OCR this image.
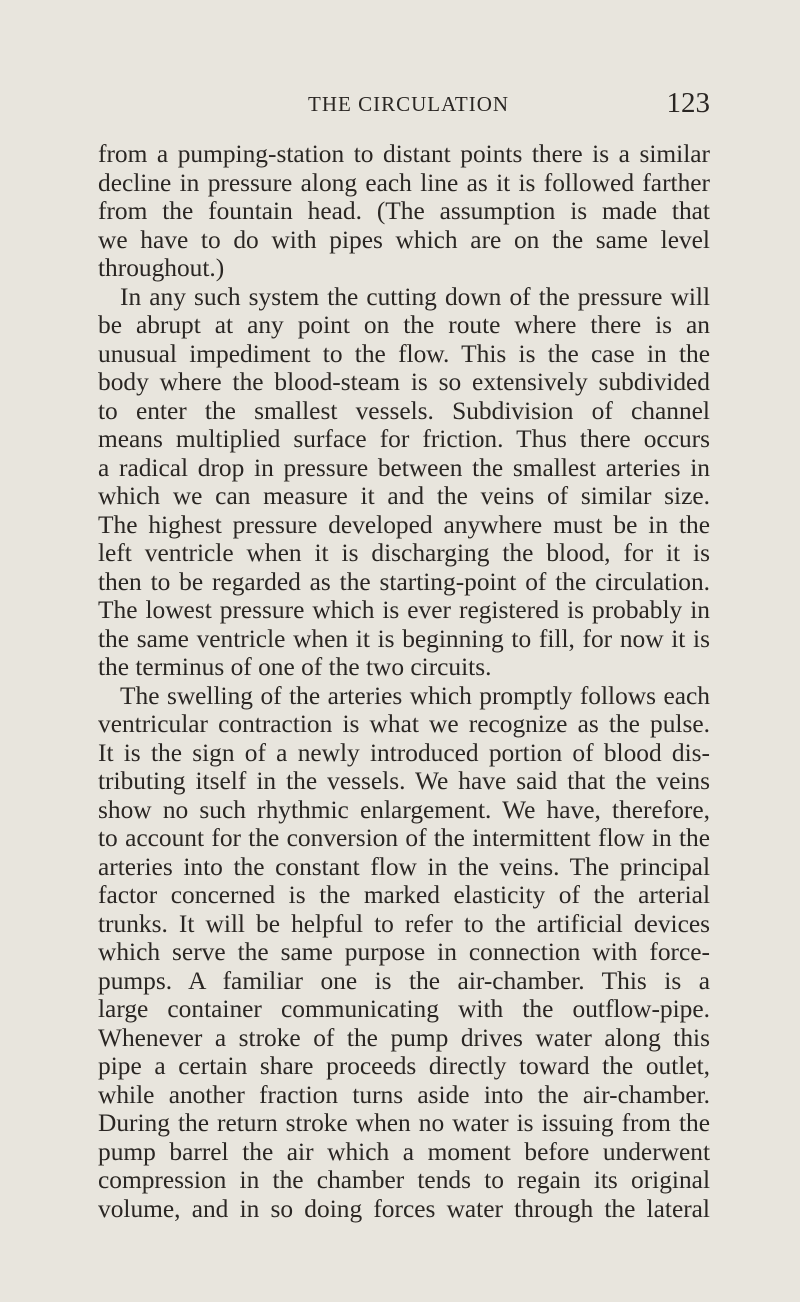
THE CIRCULATION	123
from a pumping-station to distant points there is a similar
decline in pressure along each line as it is followed farther
from the fountain head. (The assumption is made that
we have to do with pipes which are on the same level
throughout.)
In any such system the cutting down of the pressure will
be abrupt at any point on the route where there is an
unusual impediment to the flow. This is the case in the
body where the blood-steam is so extensively subdivided
to enter the smallest vessels. Subdivision of channel
means multiplied surface for friction. Thus there occurs
a radical drop in pressure between the smallest arteries in
which we can measure it and the veins of similar size.
The highest pressure developed anywhere must be in the
left ventricle when it is discharging the blood, for it is
then to be regarded as the starting-point of the circulation.
The lowest pressure which is ever registered is probably in
the same ventricle when it is beginning to fill, for now it is
the terminus of one of the two circuits.
The swelling of the arteries which promptly follows each
ventricular contraction is what we recognize as the pulse.
It is the sign of a newly introduced portion of blood dis-
tributing itself in the vessels. We have said that the veins
show no such rhythmic enlargement. We have, therefore,
to account for the conversion of the intermittent flow in the
arteries into the constant flow in the veins. The principal
factor concerned is the marked elasticity of the arterial
trunks. It will be helpful to refer to the artificial devices
which serve the same purpose in connection with force-
pumps. A familiar one is the air-chamber. This is a
large container communicating with the outflow-pipe.
Whenever a stroke of the pump drives water along this
pipe a certain share proceeds directly toward the outlet,
while another fraction turns aside into the air-chamber.
During the return stroke when no water is issuing from the
pump barrel the air which a moment before underwent
compression in the chamber tends to regain its original
volume, and in so doing forces water through the lateral
